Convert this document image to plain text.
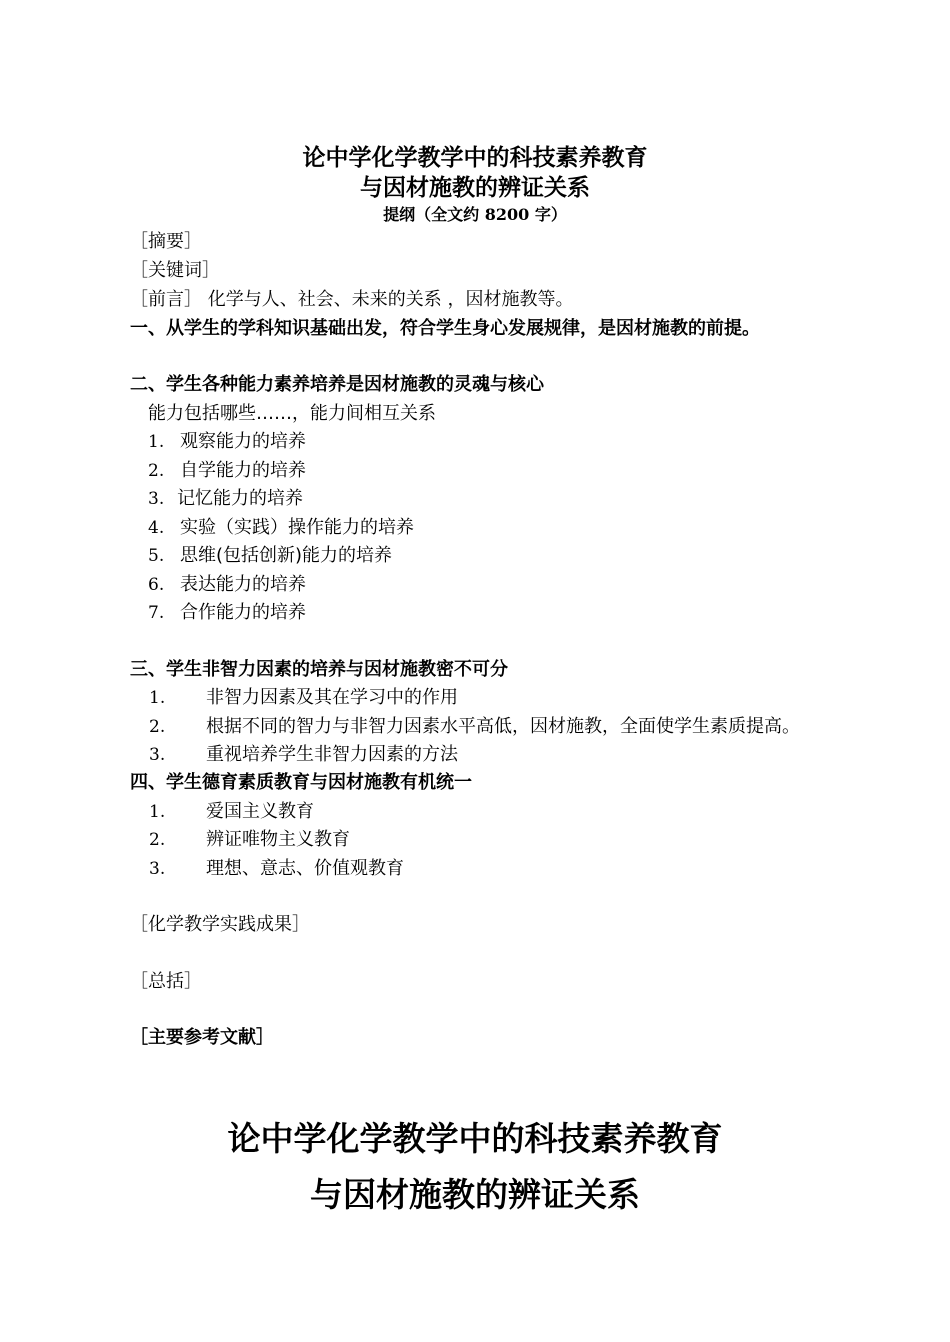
论中学化学教学中的科技素养教育
与因材施教的辨证关系
提纲（全文约 8200 字）
［摘要］
［关键词］
［前言］ 化学与人、社会、未来的关系 ，因材施教等。
一、从学生的学科知识基础出发，符合学生身心发展规律，是因材施教的前提。
二、学生各种能力素养培养是因材施教的灵魂与核心
能力包括哪些……，能力间相互关系
1. 观察能力的培养
2. 自学能力的培养
3. 记忆能力的培养
4. 实验（实践）操作能力的培养
5. 思维(包括创新)能力的培养
6. 表达能力的培养
7. 合作能力的培养
三、学生非智力因素的培养与因材施教密不可分
1. 非智力因素及其在学习中的作用
2. 根据不同的智力与非智力因素水平高低，因材施教，全面使学生素质提高。
3. 重视培养学生非智力因素的方法
四、学生德育素质教育与因材施教有机统一
1. 爱国主义教育
2. 辨证唯物主义教育
3. 理想、意志、价值观教育
［化学教学实践成果］
［总括］
［主要参考文献］
论中学化学教学中的科技素养教育
与因材施教的辨证关系
